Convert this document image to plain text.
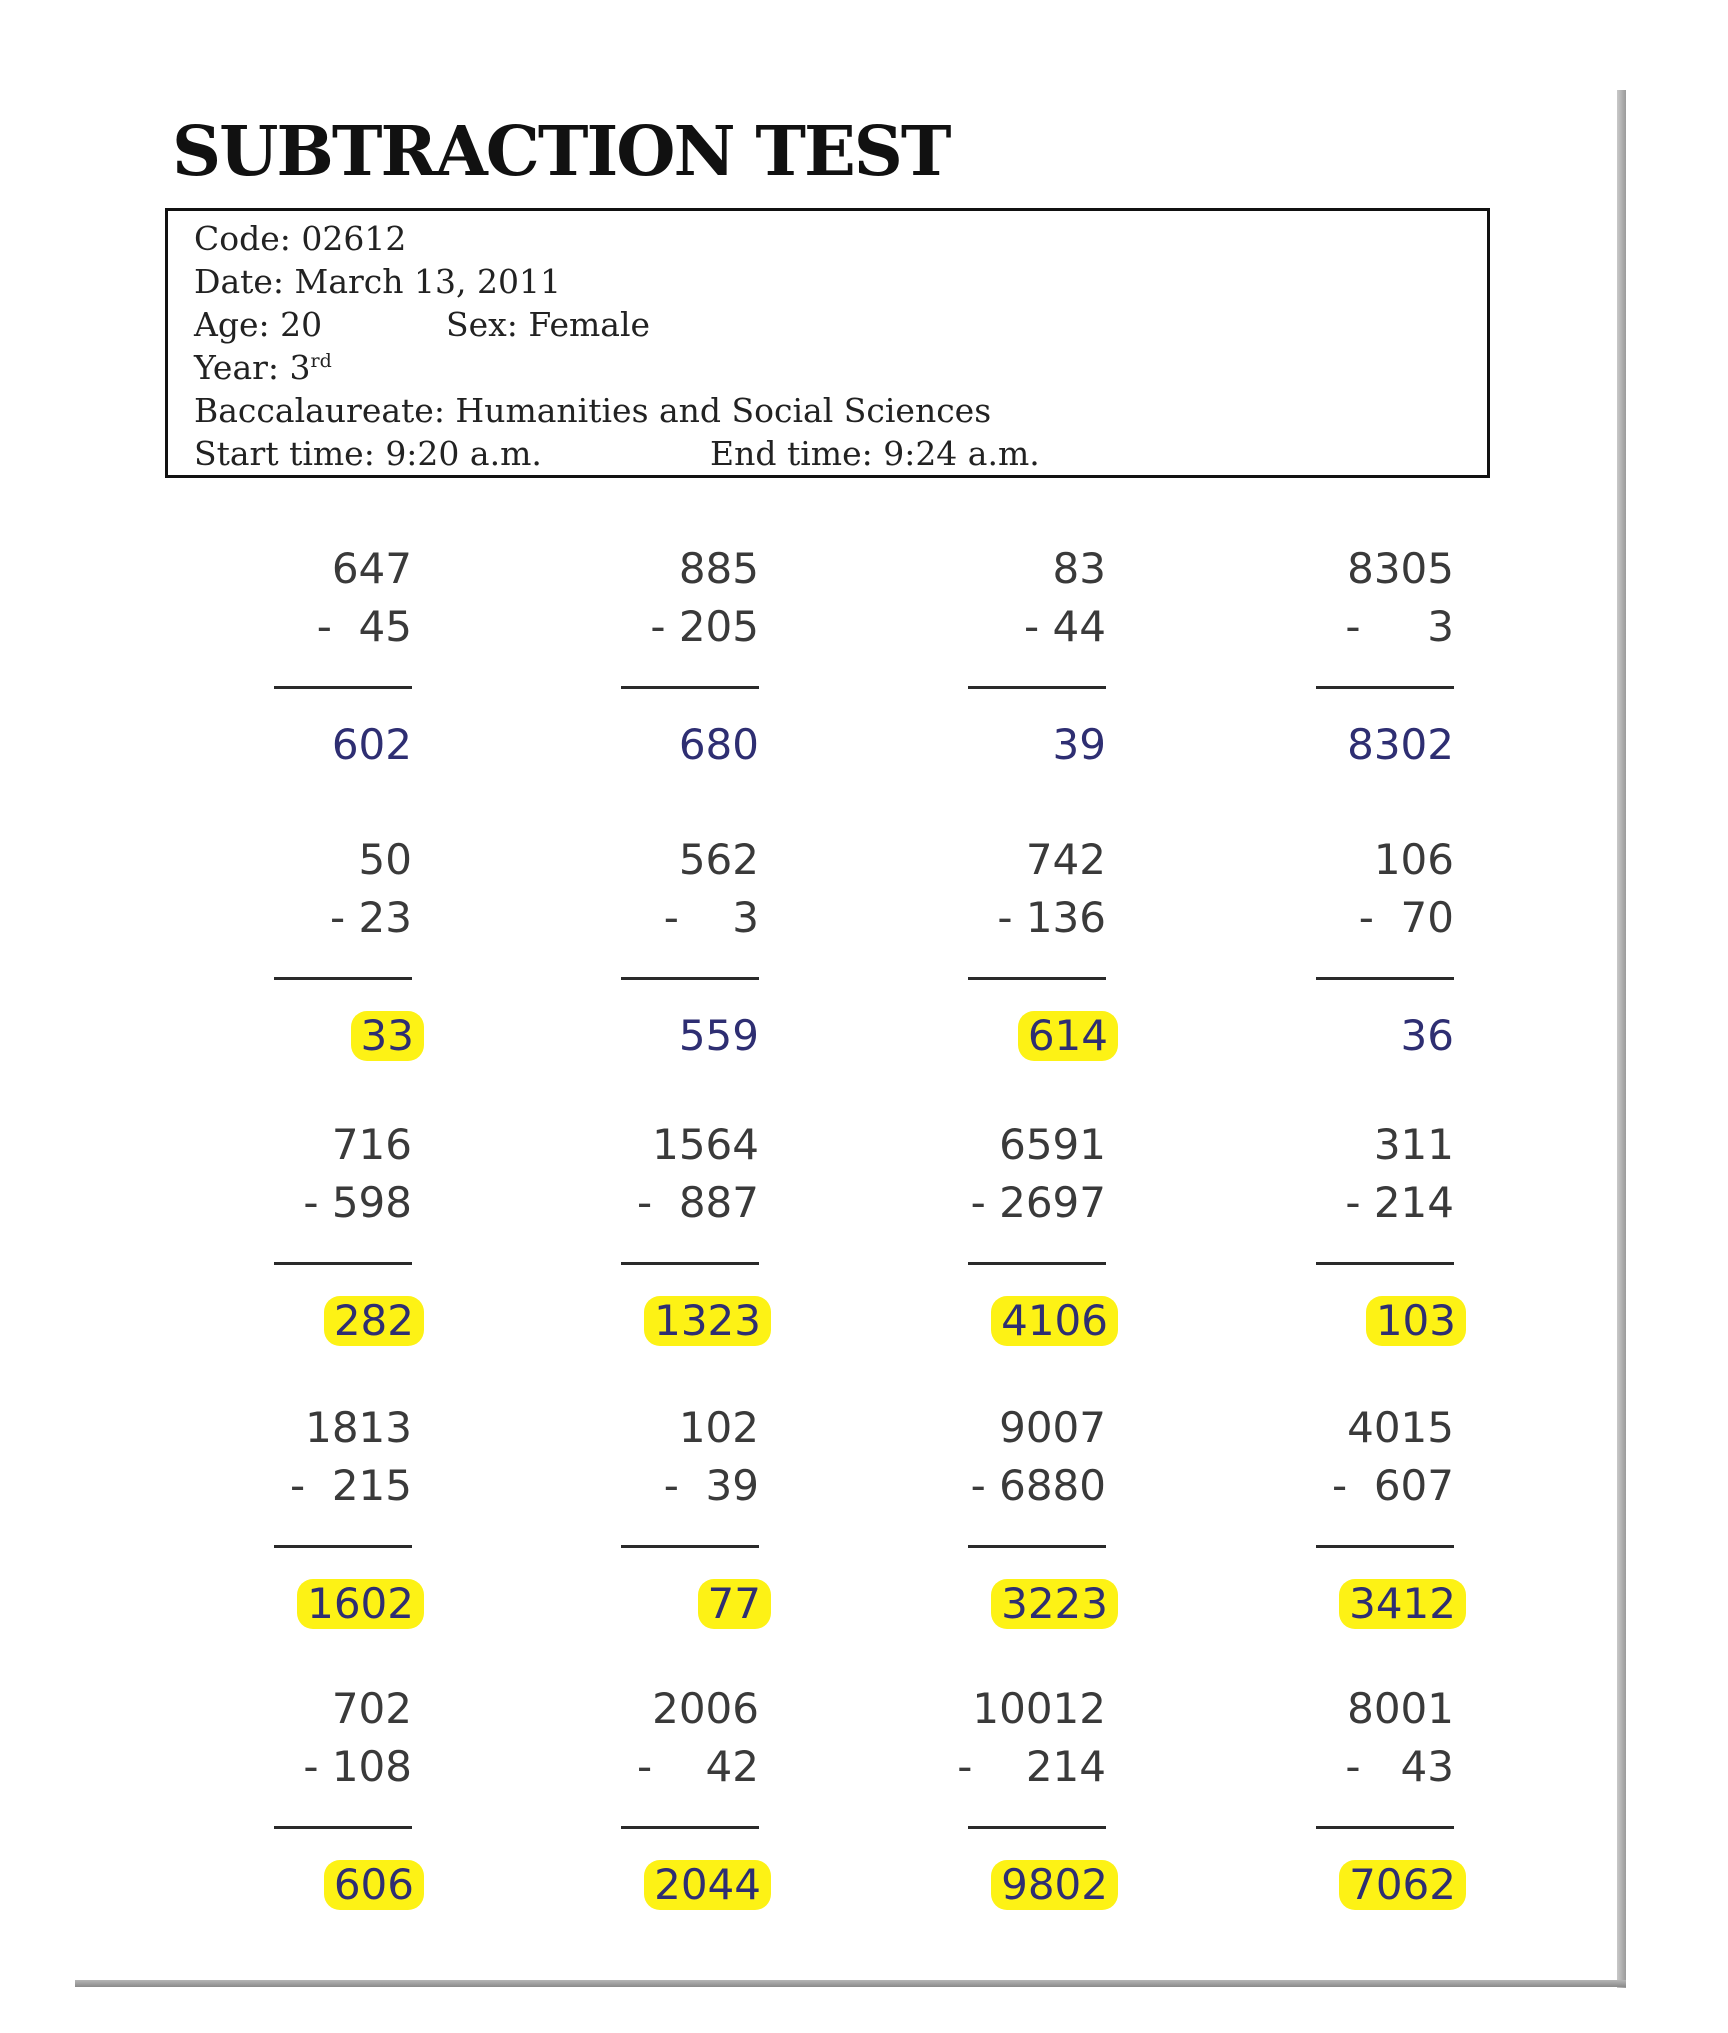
SUBTRACTION TEST
Code: 02612
Date: March 13, 2011
Age: 20	Sex: Female
Year: 3rd
Baccalaureate: Humanities and Social Sciences
Start time: 9:20 a.m.	End time: 9:24 a.m.
647
-  45
602
885
- 205
680
83
- 44
39
8305
-     3
8302
50
- 23
33
562
-    3
559
742
- 136
614
106
-  70
36
716
- 598
282
1564
-  887
1323
6591
- 2697
4106
311
- 214
103
1813
-  215
1602
102
-  39
77
9007
- 6880
3223
4015
-  607
3412
702
- 108
606
2006
-    42
2044
10012
-    214
9802
8001
-   43
7062
